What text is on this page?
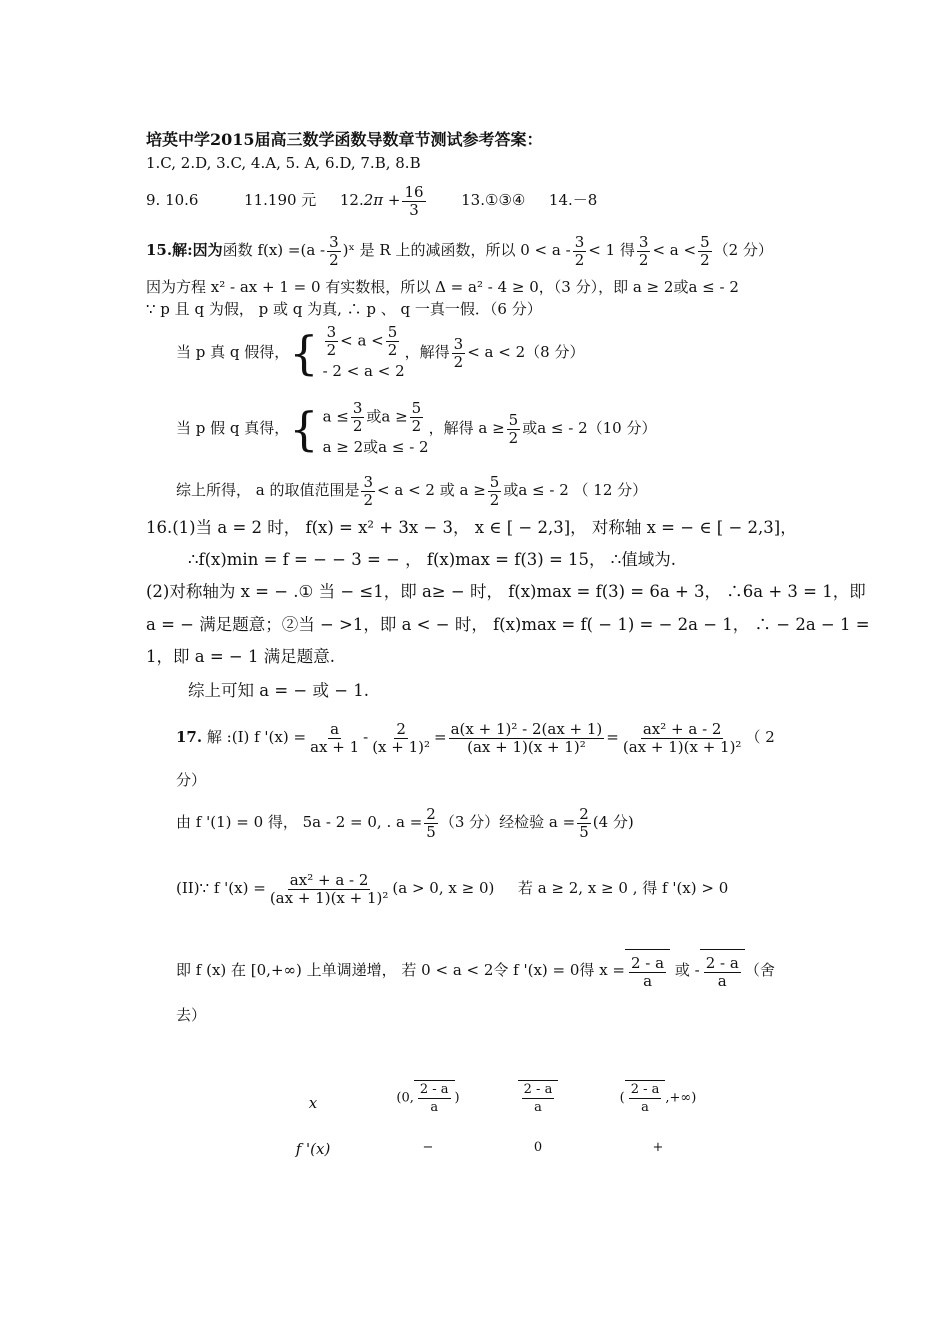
培英中学2015届高三数学函数导数章节测试参考答案：
1.C, 2.D, 3.C, 4.A, 5. A, 6.D, 7.B, 8.B
9. 10.6	11.190 元 $12.2\pi + \frac{16}{3}$ 13.①③④ 14.－8
15.解:因为函数 $f(x) =(a - \frac{3}{2}$ )ˣ 是 R 上的减函数，所以 $0 < a - \frac{3}{2} < 1$ 得 $\frac{3}{2} < a < \frac{5}{2} (2$ 分）
因为方程 x² - ax + 1 = 0 有实数根，所以 Δ = a² - 4 ≥ 0，（3 分），即 a ≥ 2或a ≤ - 2
∵ p 且 q 为假， p 或 q 为真, ∴ p 、 q 一真一假．（6 分）
当 p 真 q 假得，{ $\frac{3}{2} < a < \frac{5}{2}$
- 2 < a < 2
，解得 $\frac{3}{2} < a < 2(8$ 分）
当 p 假 q 真得，{ $a \le \frac{3}{2}$ 或$a \ge \frac{5}{2}$
a ≥ 2或a ≤ - 2
，解得 $a \ge \frac{5}{2}$ 或a ≤ - 2（10 分）
综上所得， a 的取值范围是 $\frac{3}{2} < a < 2$ 或 $a \ge \frac{5}{2}$ 或a ≤ - 2 （ 12 分）
16.(1)当 a = 2 时， f(x) = x² + 3x − 3， x ∈ [ − 2,3]， 对称轴 x = − ∈ [ − 2,3]，
∴f(x)min = f = − − 3 = − ， f(x)max = f(3) = 15， ∴值域为.
(2)对称轴为 x = − .① 当 − ≤1，即 a≥ − 时， f(x)max = f(3) = 6a + 3， ∴6a + 3 = 1，即
a = − 满足题意；②当 − >1，即 a < − 时， f(x)max = f( − 1) = − 2a − 1， ∴ − 2a − 1 =
1，即 a = − 1 满足题意.
综上可知 a = − 或 − 1.
17. 解 :(I) f '$(x) = \frac{a}{ax + 1} - \frac{2}{\text{(x + 1)²}} = \frac{\text{a(x + 1)² - 2(ax + 1)}}{\text{(ax + 1)(x + 1)²}} = \frac{\text{ax² + a - 2}}{\text{(ax + 1)(x + 1)²}}$ （ 2
分）
由 f '(1) = 0 得， 5a - 2 = 0, . $a = \frac{2}{5} (3$ 分）经检验 $a = \frac{2}{5} (4$ 分)
(II)∵ f '$(x) = \frac{\text{ax² + a - 2}}{\text{(ax + 1)(x + 1)²}} (a > 0$, x ≥ 0) 若 a ≥ 2, x ≥ 0 , 得 f '(x) > 0
即 f (x) 在 [0,+∞) 上单调递增， 若 0 < a < 2令 f '(x) = 0得 $x = \frac{2 - a}{a}$ 或 - $\frac{2 - a}{a}$ （舍
去）
x	(0, $\frac{2 - a}{a}$ )	$\frac{2 - a}{a}$	( $\frac{2 - a}{a}$ ,+∞)
f '(x)	−	0	+
